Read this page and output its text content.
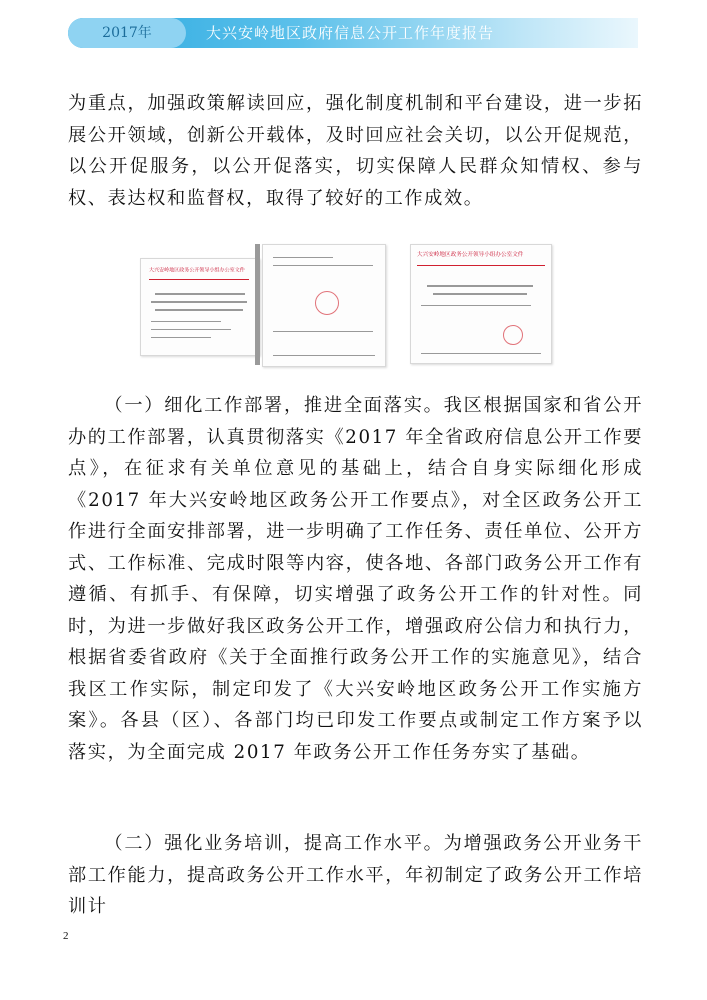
2017年	大兴安岭地区政府信息公开工作年度报告

为重点，加强政策解读回应，强化制度机制和平台建设，进一步拓展公开领域，创新公开载体，及时回应社会关切，以公开促规范，以公开促服务，以公开促落实，切实保障人民群众知情权、参与权、表达权和监督权，取得了较好的工作成效。

大兴安岭地区政务公开领导小组办公室文件
大兴安岭地区政务公开领导小组办公室文件

（一）细化工作部署，推进全面落实。我区根据国家和省公开办的工作部署，认真贯彻落实《2017 年全省政府信息公开工作要点》，在征求有关单位意见的基础上，结合自身实际细化形成《2017 年大兴安岭地区政务公开工作要点》，对全区政务公开工作进行全面安排部署，进一步明确了工作任务、责任单位、公开方式、工作标准、完成时限等内容，使各地、各部门政务公开工作有遵循、有抓手、有保障，切实增强了政务公开工作的针对性。同时，为进一步做好我区政务公开工作，增强政府公信力和执行力，根据省委省政府《关于全面推行政务公开工作的实施意见》，结合我区工作实际，制定印发了《大兴安岭地区政务公开工作实施方案》。各县（区）、各部门均已印发工作要点或制定工作方案予以落实，为全面完成 2017 年政务公开工作任务夯实了基础。

（二）强化业务培训，提高工作水平。为增强政务公开业务干部工作能力，提高政务公开工作水平，年初制定了政务公开工作培训计

2
